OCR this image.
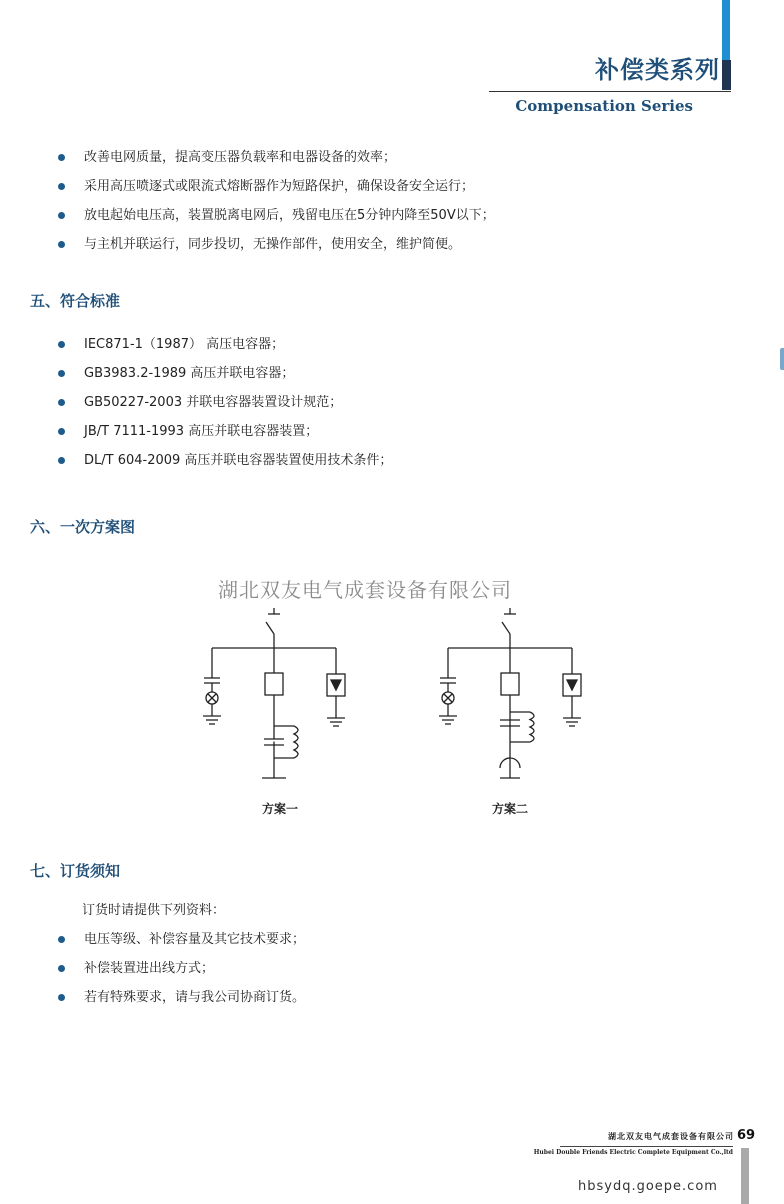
补偿类系列
Compensation Series
改善电网质量，提高变压器负载率和电器设备的效率；
采用高压喷逐式或限流式熔断器作为短路保护，确保设备安全运行；
放电起始电压高，装置脱离电网后，残留电压在5分钟内降至50V以下；
与主机并联运行，同步投切，无操作部件，使用安全，维护简便。
五、符合标准
IEC871-1（1987） 高压电容器；
GB3983.2-1989 高压并联电容器；
GB50227-2003 并联电容器装置设计规范；
JB/T 7111-1993 高压并联电容器装置；
DL/T 604-2009 高压并联电容器装置使用技术条件；
六、一次方案图
湖北双友电气成套设备有限公司
方案一	方案二
七、订货须知
订货时请提供下列资料：
电压等级、补偿容量及其它技术要求；
补偿装置进出线方式；
若有特殊要求，请与我公司协商订货。
湖北双友电气成套设备有限公司 69
Hubei Double Friends Electric Complete Equipment Co.,ltd
hbsydq.goepe.com
